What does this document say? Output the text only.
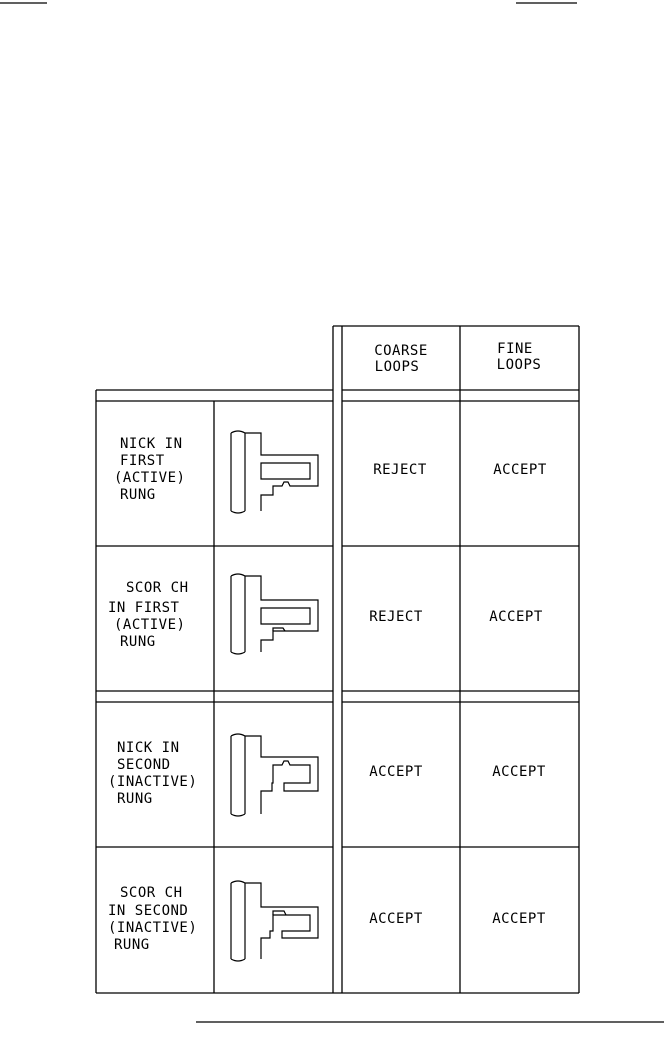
COARSE
LOOPS
FINE
LOOPS
NICK IN
FIRST
(ACTIVE)
RUNG
REJECT	ACCEPT
SCOR CH
IN FIRST
(ACTIVE)
RUNG
REJECT	ACCEPT
NICK IN
SECOND
(INACTIVE)
RUNG
ACCEPT	ACCEPT
SCOR CH
IN SECOND
(INACTIVE)
RUNG
ACCEPT	ACCEPT
